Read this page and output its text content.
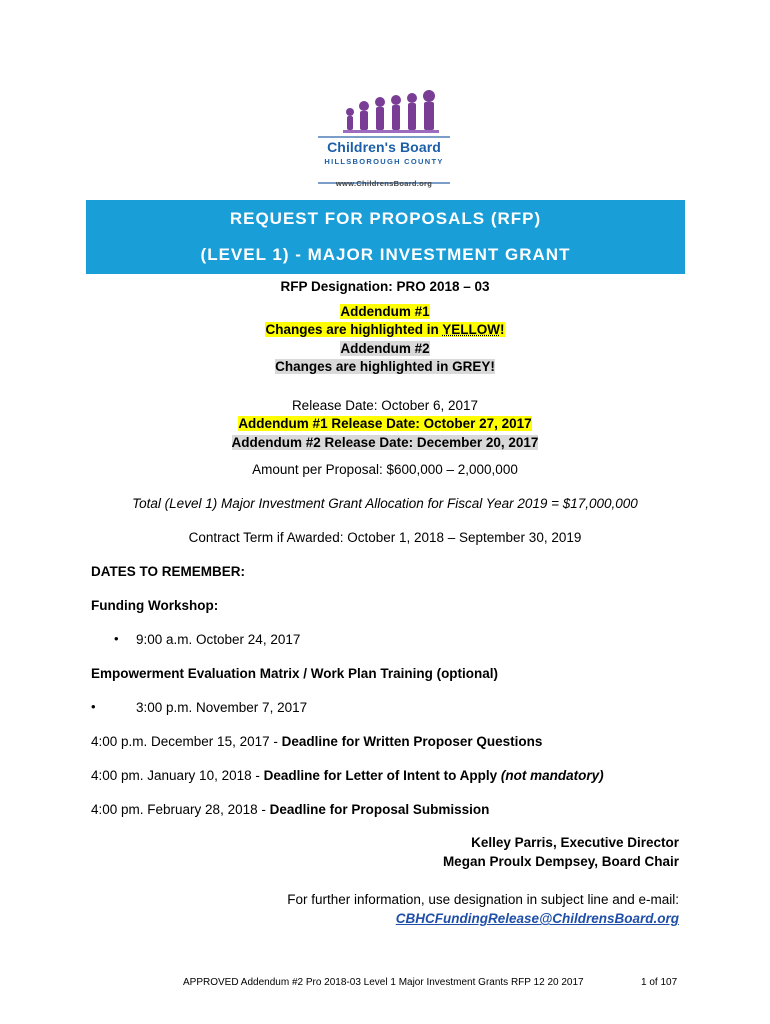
Children's Board
HILLSBOROUGH COUNTY
www.ChildrensBoard.org
REQUEST FOR PROPOSALS (RFP)
(LEVEL 1) - MAJOR INVESTMENT GRANT
RFP Designation: PRO 2018 – 03
Addendum #1
Changes are highlighted in YELLOW!
Addendum #2
Changes are highlighted in GREY!
Release Date: October 6, 2017
Addendum #1 Release Date: October 27, 2017
Addendum #2 Release Date: December 20, 2017
Amount per Proposal: $600,000 – 2,000,000
Total (Level 1) Major Investment Grant Allocation for Fiscal Year 2019 = $17,000,000
Contract Term if Awarded: October 1, 2018 – September 30, 2019
DATES TO REMEMBER:
Funding Workshop:
• 9:00 a.m. October 24, 2017
Empowerment Evaluation Matrix / Work Plan Training (optional)
•	3:00 p.m. November 7, 2017
4:00 p.m. December 15, 2017 - Deadline for Written Proposer Questions
4:00 pm. January 10, 2018 - Deadline for Letter of Intent to Apply (not mandatory)
4:00 pm. February 28, 2018 - Deadline for Proposal Submission
Kelley Parris, Executive Director
Megan Proulx Dempsey, Board Chair
For further information, use designation in subject line and e-mail:
CBHCFundingRelease@ChildrensBoard.org
APPROVED Addendum #2 Pro 2018-03 Level 1 Major Investment Grants RFP 12 20 2017	1 of 107
